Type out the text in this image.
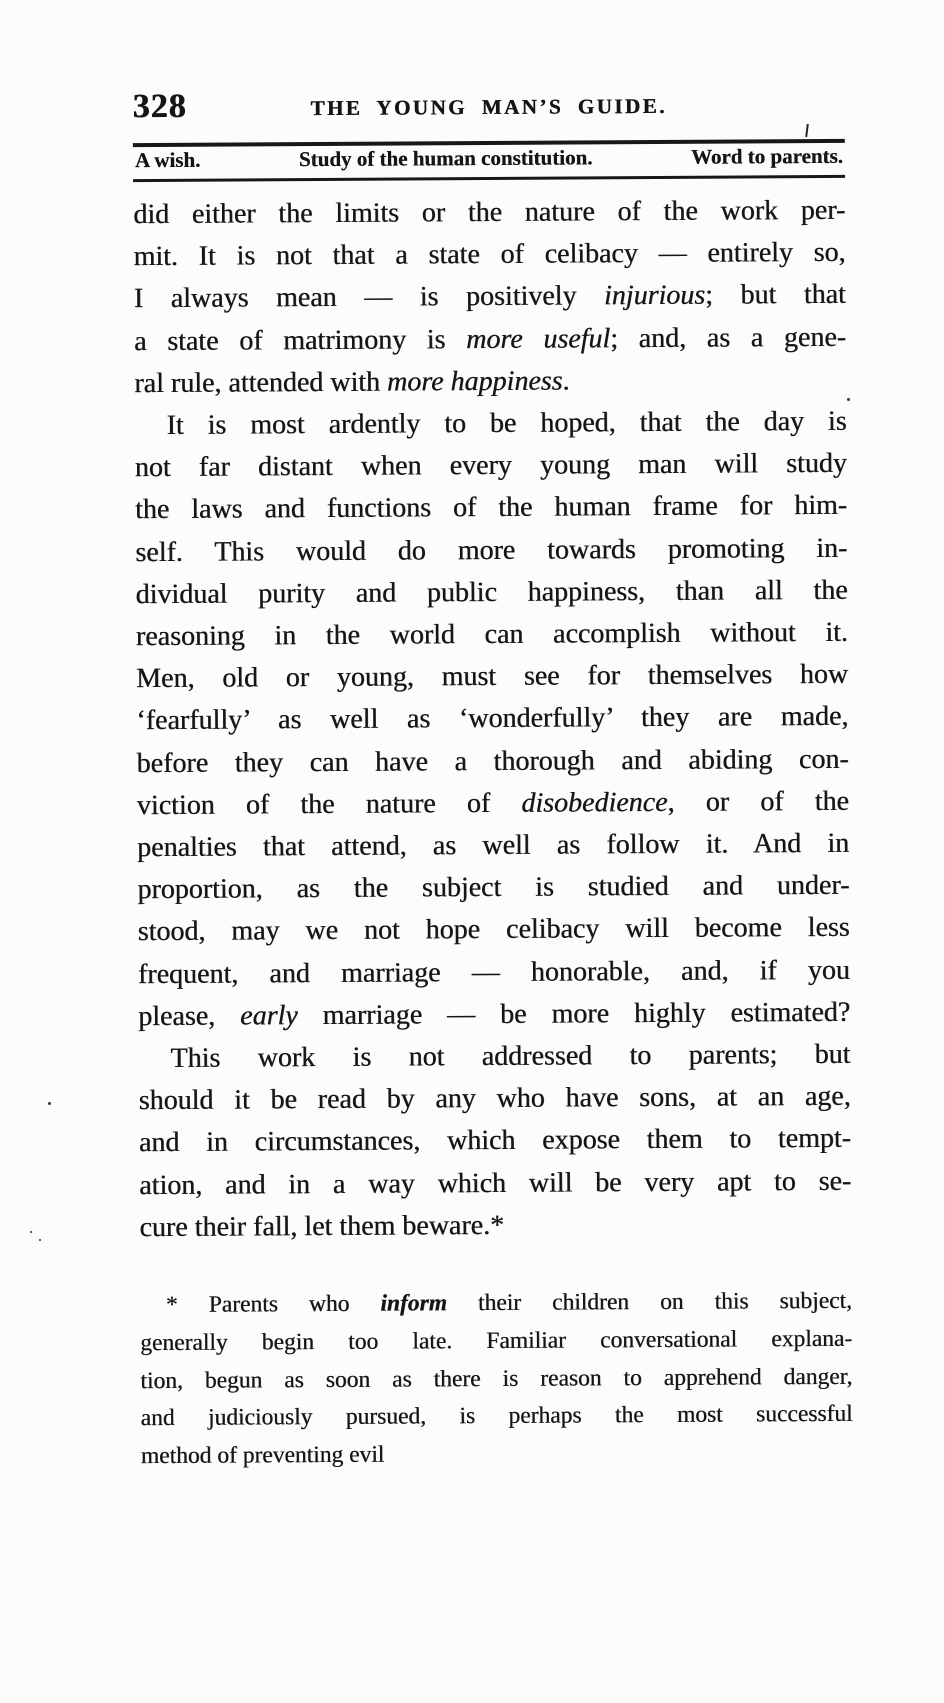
328	THE YOUNG MAN’S GUIDE.
A wish.	Study of the human constitution.	Word to parents.
did either the limits or the nature of the work per-
mit. It is not that a state of celibacy — entirely so,
I always mean — is positively injurious; but that
a state of matrimony is more useful; and, as a gene-
ral rule, attended with more happiness.
It is most ardently to be hoped, that the day is
not far distant when every young man will study
the laws and functions of the human frame for him-
self. This would do more towards promoting in-
dividual purity and public happiness, than all the
reasoning in the world can accomplish without it.
Men, old or young, must see for themselves how
‘fearfully’ as well as ‘wonderfully’ they are made,
before they can have a thorough and abiding con-
viction of the nature of disobedience, or of the
penalties that attend, as well as follow it. And in
proportion, as the subject is studied and under-
stood, may we not hope celibacy will become less
frequent, and marriage — honorable, and, if you
please, early marriage — be more highly estimated?
This work is not addressed to parents; but
should it be read by any who have sons, at an age,
and in circumstances, which expose them to tempt-
ation, and in a way which will be very apt to se-
cure their fall, let them beware.*
* Parents who inform their children on this subject,
generally begin too late. Familiar conversational explana-
tion, begun as soon as there is reason to apprehend danger,
and judiciously pursued, is perhaps the most successful
method of preventing evil
